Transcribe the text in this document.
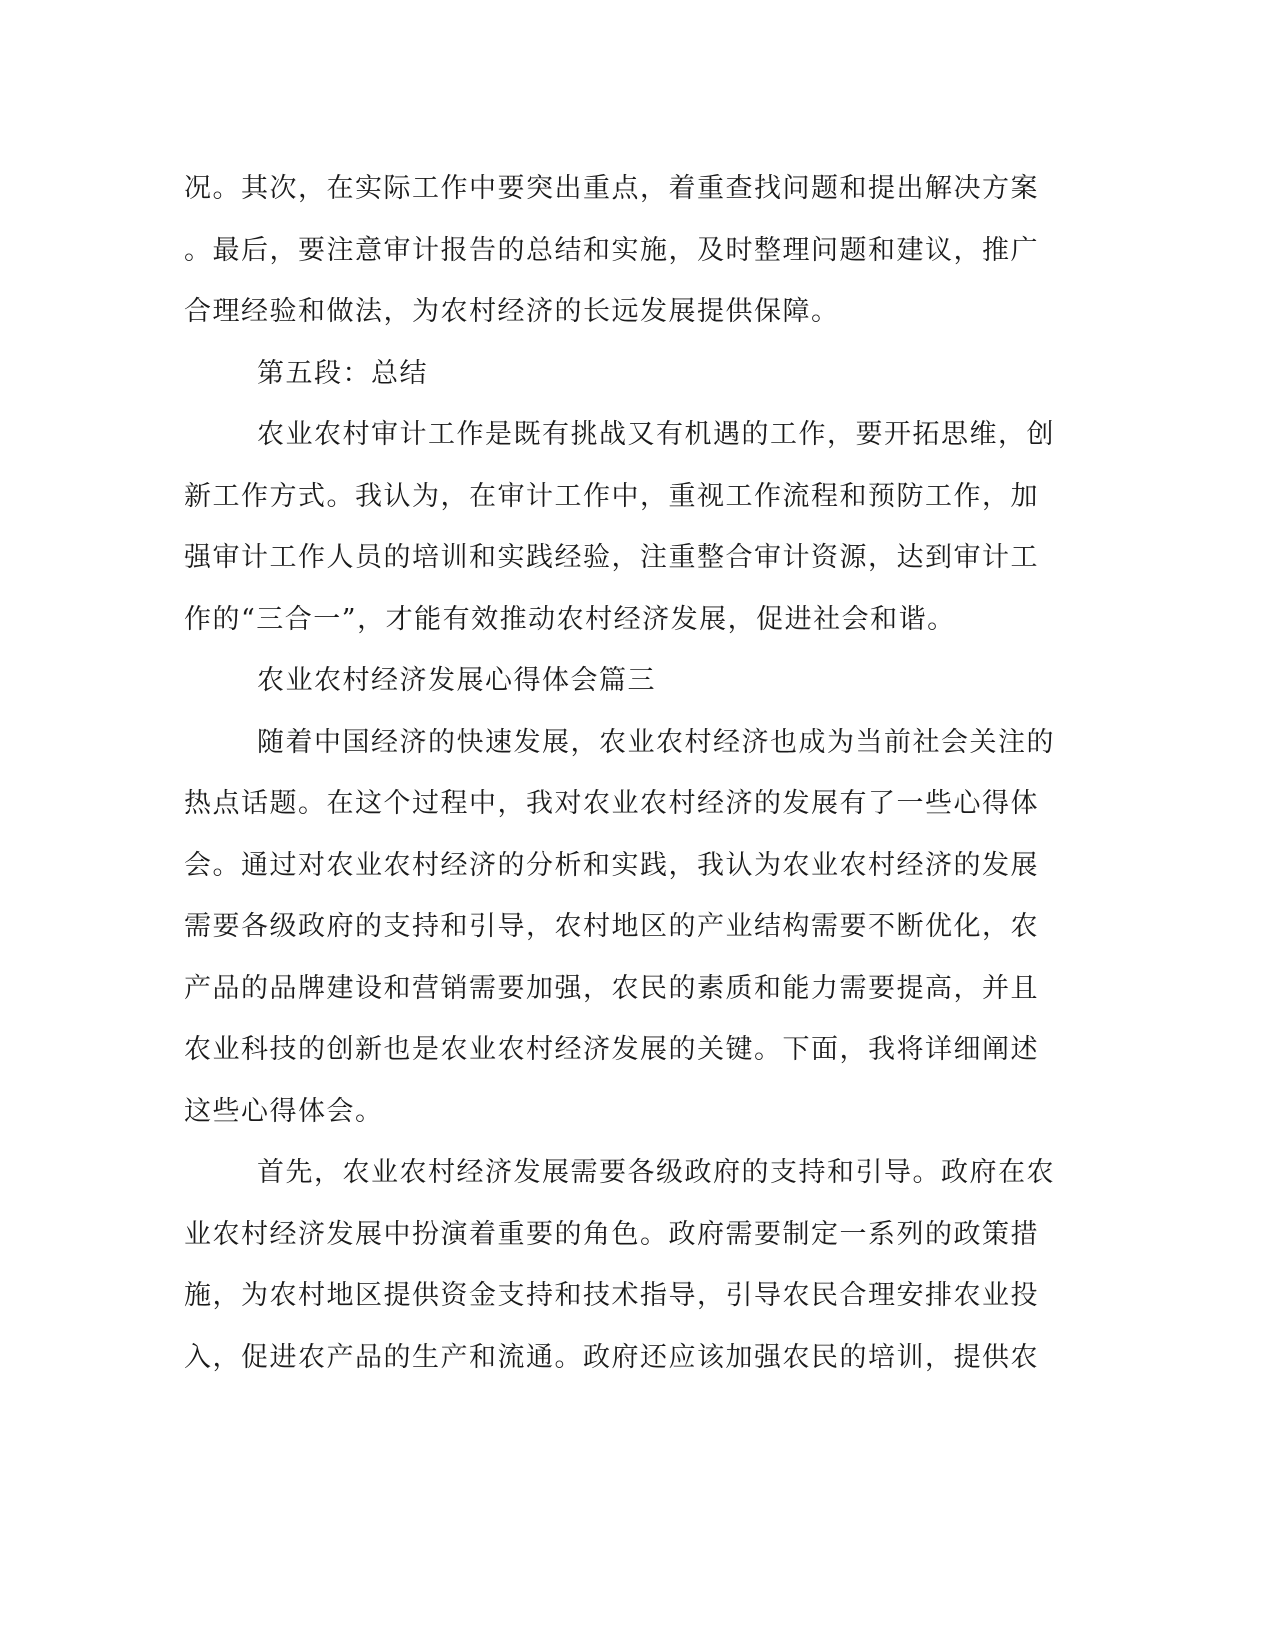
况。其次，在实际工作中要突出重点，着重查找问题和提出解决方案
。最后，要注意审计报告的总结和实施，及时整理问题和建议，推广
合理经验和做法，为农村经济的长远发展提供保障。

第五段：总结

农业农村审计工作是既有挑战又有机遇的工作，要开拓思维，创
新工作方式。我认为，在审计工作中，重视工作流程和预防工作，加
强审计工作人员的培训和实践经验，注重整合审计资源，达到审计工
作的“三合一”，才能有效推动农村经济发展，促进社会和谐。

农业农村经济发展心得体会篇三

随着中国经济的快速发展，农业农村经济也成为当前社会关注的
热点话题。在这个过程中，我对农业农村经济的发展有了一些心得体
会。通过对农业农村经济的分析和实践，我认为农业农村经济的发展
需要各级政府的支持和引导，农村地区的产业结构需要不断优化，农
产品的品牌建设和营销需要加强，农民的素质和能力需要提高，并且
农业科技的创新也是农业农村经济发展的关键。下面，我将详细阐述
这些心得体会。

首先，农业农村经济发展需要各级政府的支持和引导。政府在农
业农村经济发展中扮演着重要的角色。政府需要制定一系列的政策措
施，为农村地区提供资金支持和技术指导，引导农民合理安排农业投
入，促进农产品的生产和流通。政府还应该加强农民的培训，提供农
